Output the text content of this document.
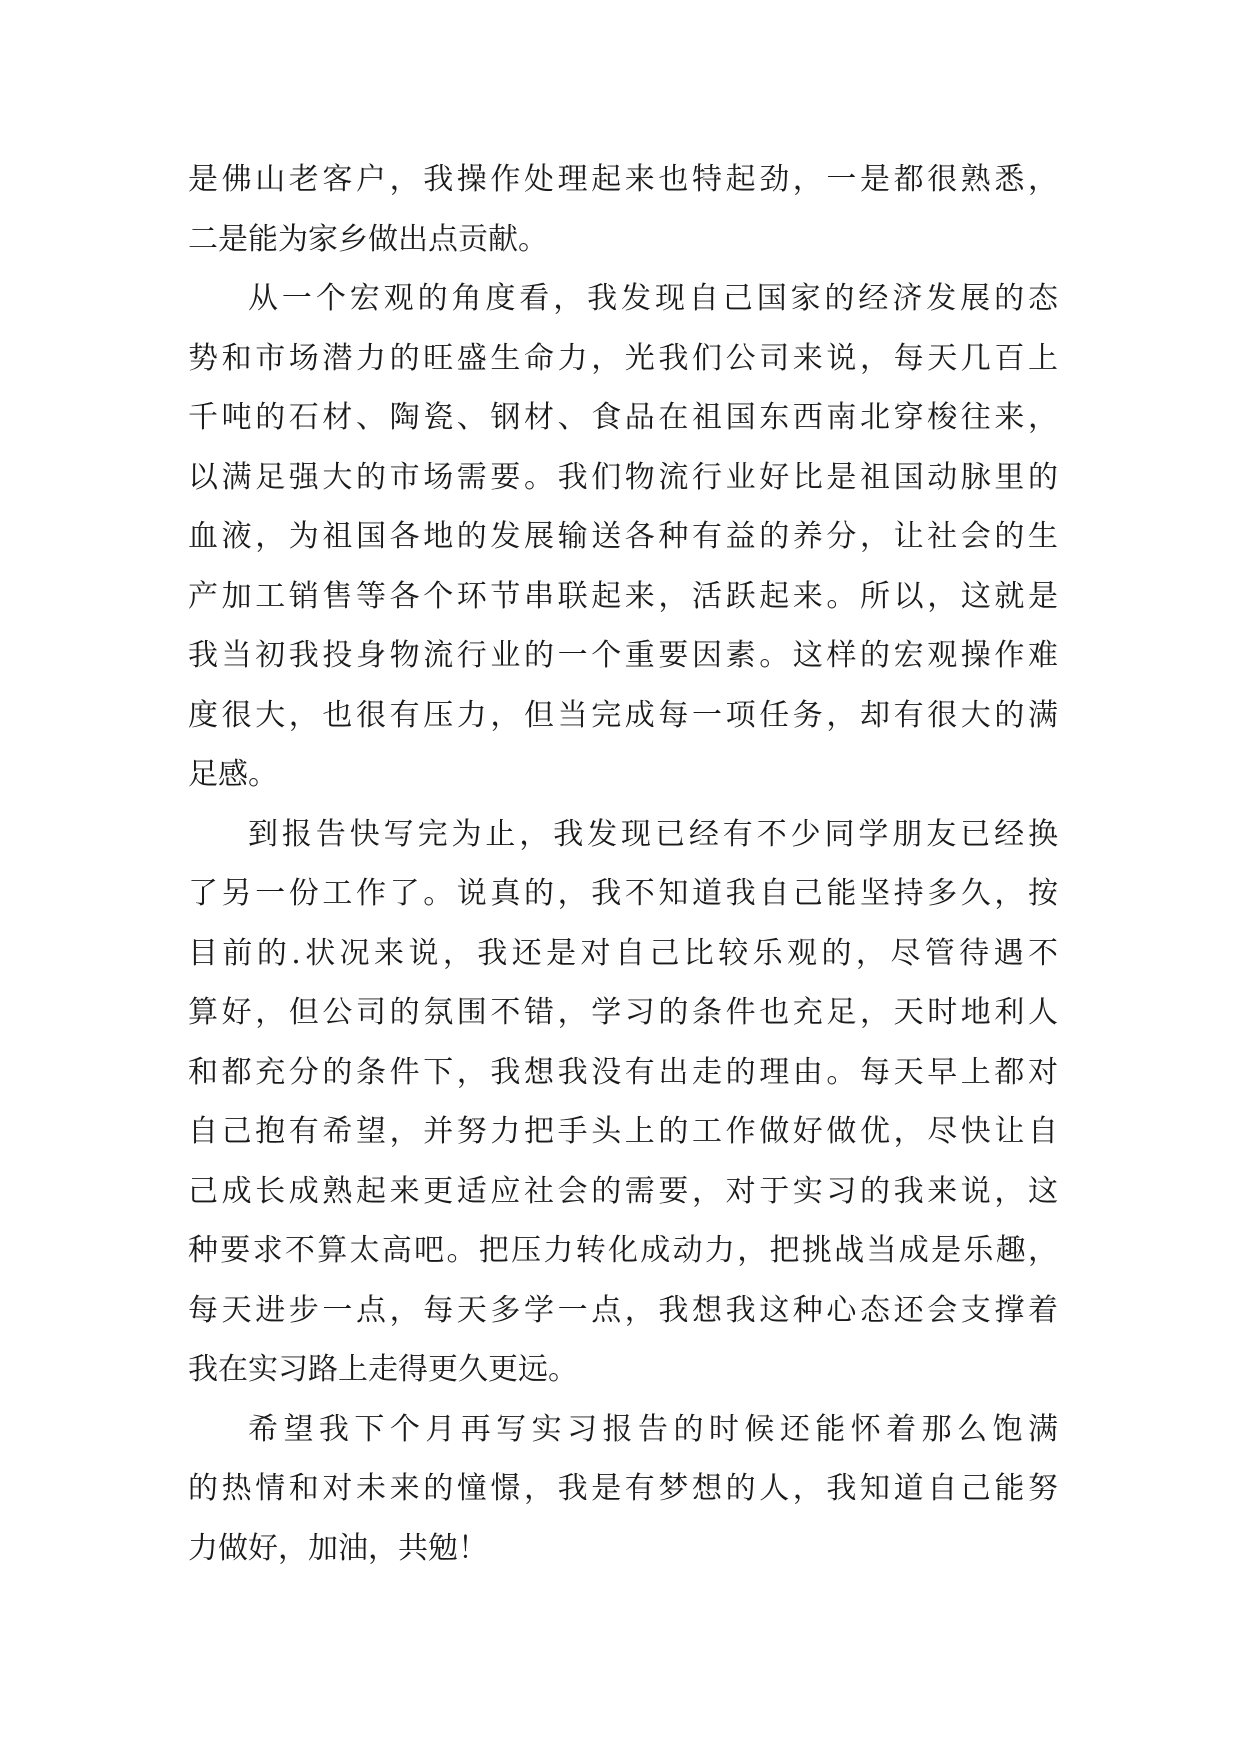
是佛山老客户，我操作处理起来也特起劲，一是都很熟悉，
二是能为家乡做出点贡献。
从一个宏观的角度看，我发现自己国家的经济发展的态
势和市场潜力的旺盛生命力，光我们公司来说，每天几百上
千吨的石材、陶瓷、钢材、食品在祖国东西南北穿梭往来，
以满足强大的市场需要。我们物流行业好比是祖国动脉里的
血液，为祖国各地的发展输送各种有益的养分，让社会的生
产加工销售等各个环节串联起来，活跃起来。所以，这就是
我当初我投身物流行业的一个重要因素。这样的宏观操作难
度很大，也很有压力，但当完成每一项任务，却有很大的满
足感。
到报告快写完为止，我发现已经有不少同学朋友已经换
了另一份工作了。说真的，我不知道我自己能坚持多久，按
目前的.状况来说，我还是对自己比较乐观的，尽管待遇不
算好，但公司的氛围不错，学习的条件也充足，天时地利人
和都充分的条件下，我想我没有出走的理由。每天早上都对
自己抱有希望，并努力把手头上的工作做好做优，尽快让自
己成长成熟起来更适应社会的需要，对于实习的我来说，这
种要求不算太高吧。把压力转化成动力，把挑战当成是乐趣，
每天进步一点，每天多学一点，我想我这种心态还会支撑着
我在实习路上走得更久更远。
希望我下个月再写实习报告的时候还能怀着那么饱满
的热情和对未来的憧憬，我是有梦想的人，我知道自己能努
力做好，加油，共勉！
